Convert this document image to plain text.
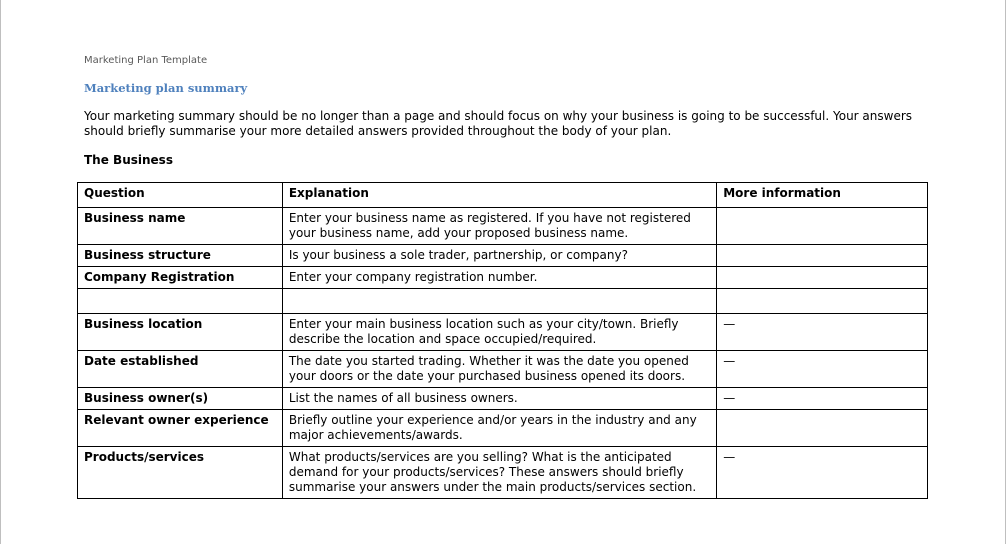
Marketing Plan Template
Marketing plan summary
Your marketing summary should be no longer than a page and should focus on why your business is going to be successful. Your answers should briefly summarise your more detailed answers provided throughout the body of your plan.
The Business
Question	Explanation	More information
Business name	Enter your business name as registered. If you have not registered your business name, add your proposed business name.	
Business structure	Is your business a sole trader, partnership, or company?	
Company Registration	Enter your company registration number.	

Business location	Enter your main business location such as your city/town. Briefly describe the location and space occupied/required.	—
Date established	The date you started trading. Whether it was the date you opened your doors or the date your purchased business opened its doors.	—
Business owner(s)	List the names of all business owners.	—
Relevant owner experience	Briefly outline your experience and/or years in the industry and any major achievements/awards.	
Products/services	What products/services are you selling? What is the anticipated demand for your products/services? These answers should briefly summarise your answers under the main products/services section.	—
